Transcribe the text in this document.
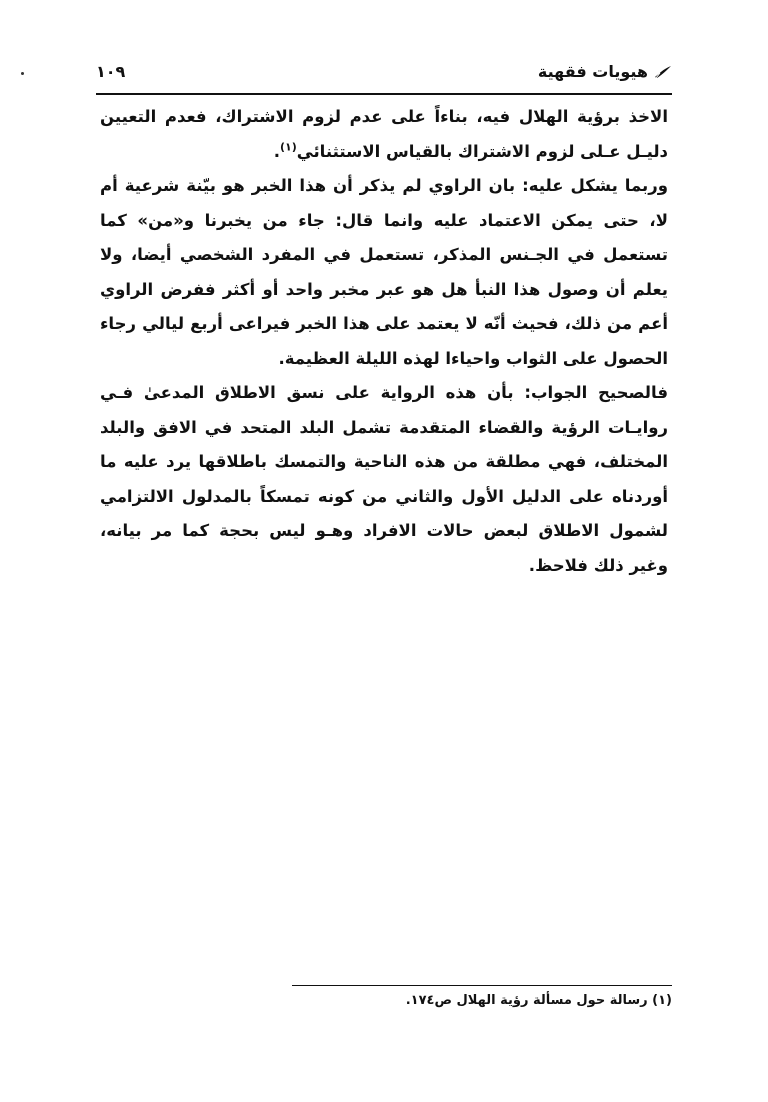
هيويات فقهية
١٠٩

الاخذ برؤية الهلال فيه، بناءاً على عدم لزوم الاشتراك، فعدم التعيين دليـل عـلى لزوم الاشتراك بالقياس الاستثنائي$^{(١)}$.

وربما يشكل عليه: بان الراوي لم يذكر أن هذا الخبر هو بيّنة شرعية أم لا، حتى يمكن الاعتماد عليه وانما قال: جاء من يخبرنا و«من» كما تستعمل في الجـنس المذكر، تستعمل في المفرد الشخصي أيضا، ولا يعلم أن وصول هذا النبأ هل هو عبر مخبر واحد أو أكثر ففرض الراوي أعم من ذلك، فحيث أنّه لا يعتمد على هذا الخبر فيراعى أربع ليالي رجاء الحصول على الثواب واحياءا لهذه الليلة العظيمة.

فالصحيح الجواب: بأن هذه الرواية على نسق الاطلاق المدعىٰ فـي روايـات الرؤية والقضاء المتقدمة تشمل البلد المتحد في الافق والبلد المختلف، فهي مطلقة من هذه الناحية والتمسك باطلاقها يرد عليه ما أوردناه على الدليل الأول والثاني من كونه تمسكاً بالمدلول الالتزامي لشمول الاطلاق لبعض حالات الافراد وهـو ليس بحجة كما مر بيانه، وغير ذلك فلاحظ.

(١) رسالة حول مسألة رؤية الهلال ص١٧٤.
